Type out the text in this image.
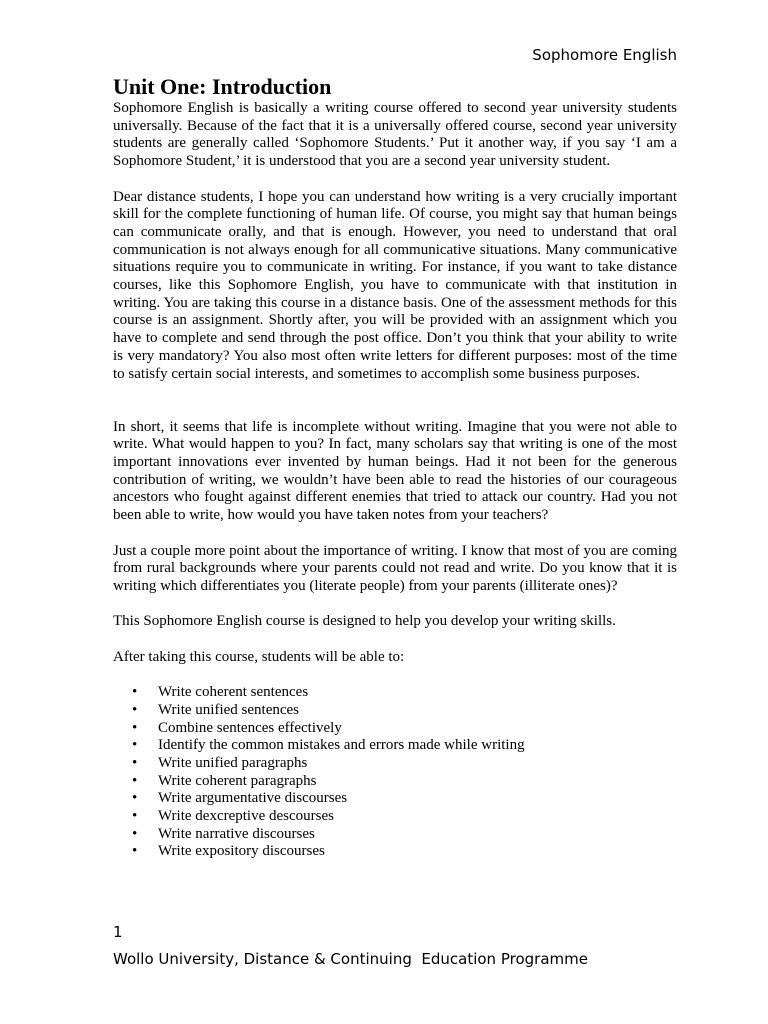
Sophomore English
Unit One: Introduction

Sophomore English is basically a writing course offered to second year university students universally. Because of the fact that it is a universally offered course, second year university students are generally called ‘Sophomore Students.’ Put it another way, if you say ‘I am a Sophomore Student,’ it is understood that you are a second year university student.

Dear distance students, I hope you can understand how writing is a very crucially important skill for the complete functioning of human life. Of course, you might say that human beings can communicate orally, and that is enough. However, you need to understand that oral communication is not always enough for all communicative situations. Many communicative situations require you to communicate in writing. For instance, if you want to take distance courses, like this Sophomore English, you have to communicate with that institution in writing. You are taking this course in a distance basis. One of the assessment methods for this course is an assignment. Shortly after, you will be provided with an assignment which you have to complete and send through the post office. Don’t you think that your ability to write is very mandatory? You also most often write letters for different purposes: most of the time to satisfy certain social interests, and sometimes to accomplish some business purposes.

In short, it seems that life is incomplete without writing. Imagine that you were not able to write. What would happen to you? In fact, many scholars say that writing is one of the most important innovations ever invented by human beings. Had it not been for the generous contribution of writing, we wouldn’t have been able to read the histories of our courageous ancestors who fought against different enemies that tried to attack our country. Had you not been able to write, how would you have taken notes from your teachers?

Just a couple more point about the importance of writing. I know that most of you are coming from rural backgrounds where your parents could not read and write. Do you know that it is writing which differentiates you (literate people) from your parents (illiterate ones)?

This Sophomore English course is designed to help you develop your writing skills.

After taking this course, students will be able to:

• Write coherent sentences
• Write unified sentences
• Combine sentences effectively
• Identify the common mistakes and errors made while writing
• Write unified paragraphs
• Write coherent paragraphs
• Write argumentative discourses
• Write dexcreptive descourses
• Write narrative discourses
• Write expository discourses
1
Wollo University, Distance & Continuing  Education Programme
